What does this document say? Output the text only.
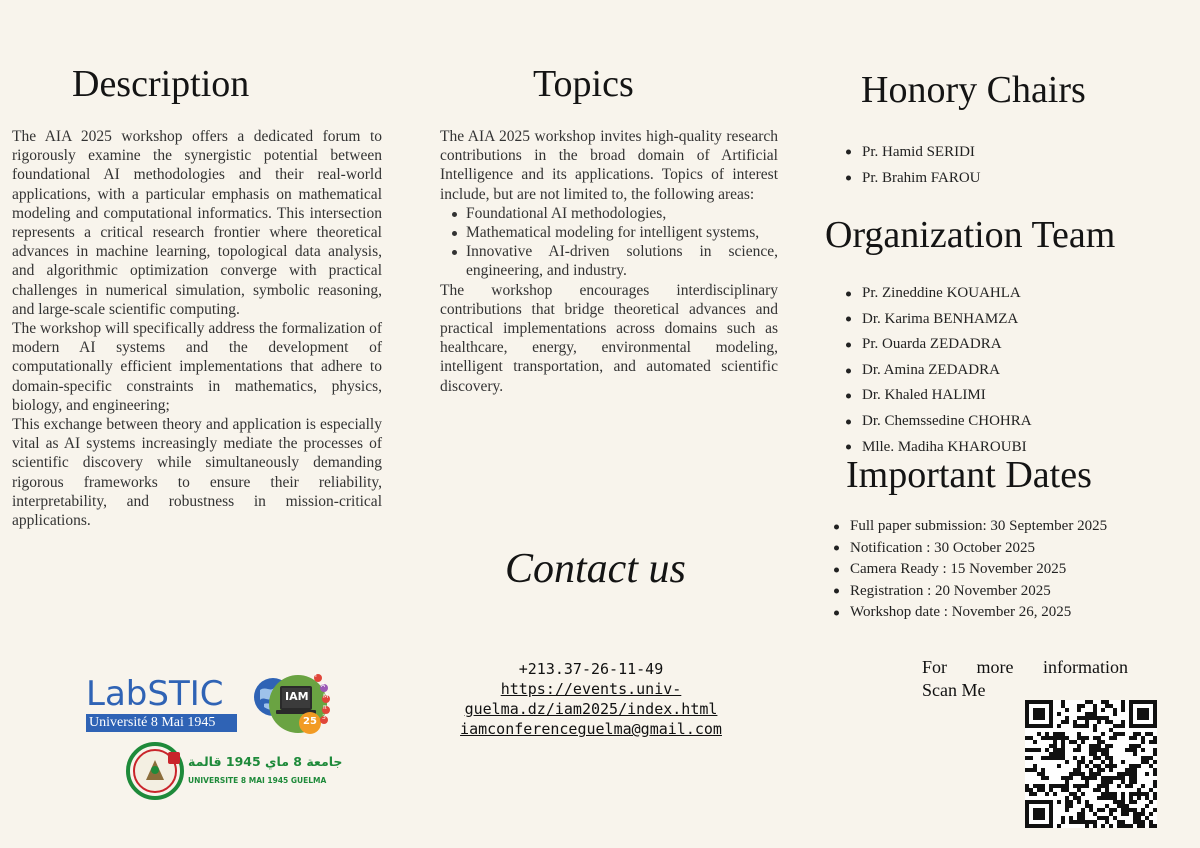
Description

The AIA 2025 workshop offers a dedicated forum to rigorously examine the synergistic potential between foundational AI methodologies and their real-world applications, with a particular emphasis on mathematical modeling and computational informatics. This intersection represents a critical research frontier where theoretical advances in machine learning, topological data analysis, and algorithmic optimization converge with practical challenges in numerical simulation, symbolic reasoning, and large-scale scientific computing.

The workshop will specifically address the formalization of modern AI systems and the development of computationally efficient implementations that adhere to domain-specific constraints in mathematics, physics, biology, and engineering;

This exchange between theory and application is especially vital as AI systems increasingly mediate the processes of scientific discovery while simultaneously demanding rigorous frameworks to ensure their reliability, interpretability, and robustness in mission-critical applications.

Topics

The AIA 2025 workshop invites high-quality research contributions in the broad domain of Artificial Intelligence and its applications. Topics of interest include, but are not limited to, the following areas:

Foundational AI methodologies,
Mathematical modeling for intelligent systems,
Innovative AI-driven solutions in science, engineering, and industry.

The workshop encourages interdisciplinary contributions that bridge theoretical advances and practical implementations across domains such as healthcare, energy, environmental modeling, intelligent transportation, and automated scientific discovery.

Contact us
+213.37-26-11-49
https://events.univ-
guelma.dz/iam2025/index.html
iamconferenceguelma@gmail.com
Honory Chairs
Pr. Hamid SERIDI
Pr. Brahim FAROU
Organization Team
Pr. Zineddine KOUAHLA
Dr. Karima BENHAMZA
Pr. Ouarda ZEDADRA
Dr. Amina ZEDADRA
Dr. Khaled HALIMI
Dr. Chemssedine CHOHRA
Mlle. Madiha KHAROUBI
Important Dates
Full paper submission: 30 September 2025
Notification : 30 October 2025
Camera Ready : 15 November 2025
Registration : 20 November 2025
Workshop date : November 26, 2025
For more information
Scan Me
LabSTIC
Université 8 Mai 1945
IAM
25
I
A
M
π
3
جامعة 8 ماي 1945 قالمة
UNIVERSITE 8 MAI 1945 GUELMA
